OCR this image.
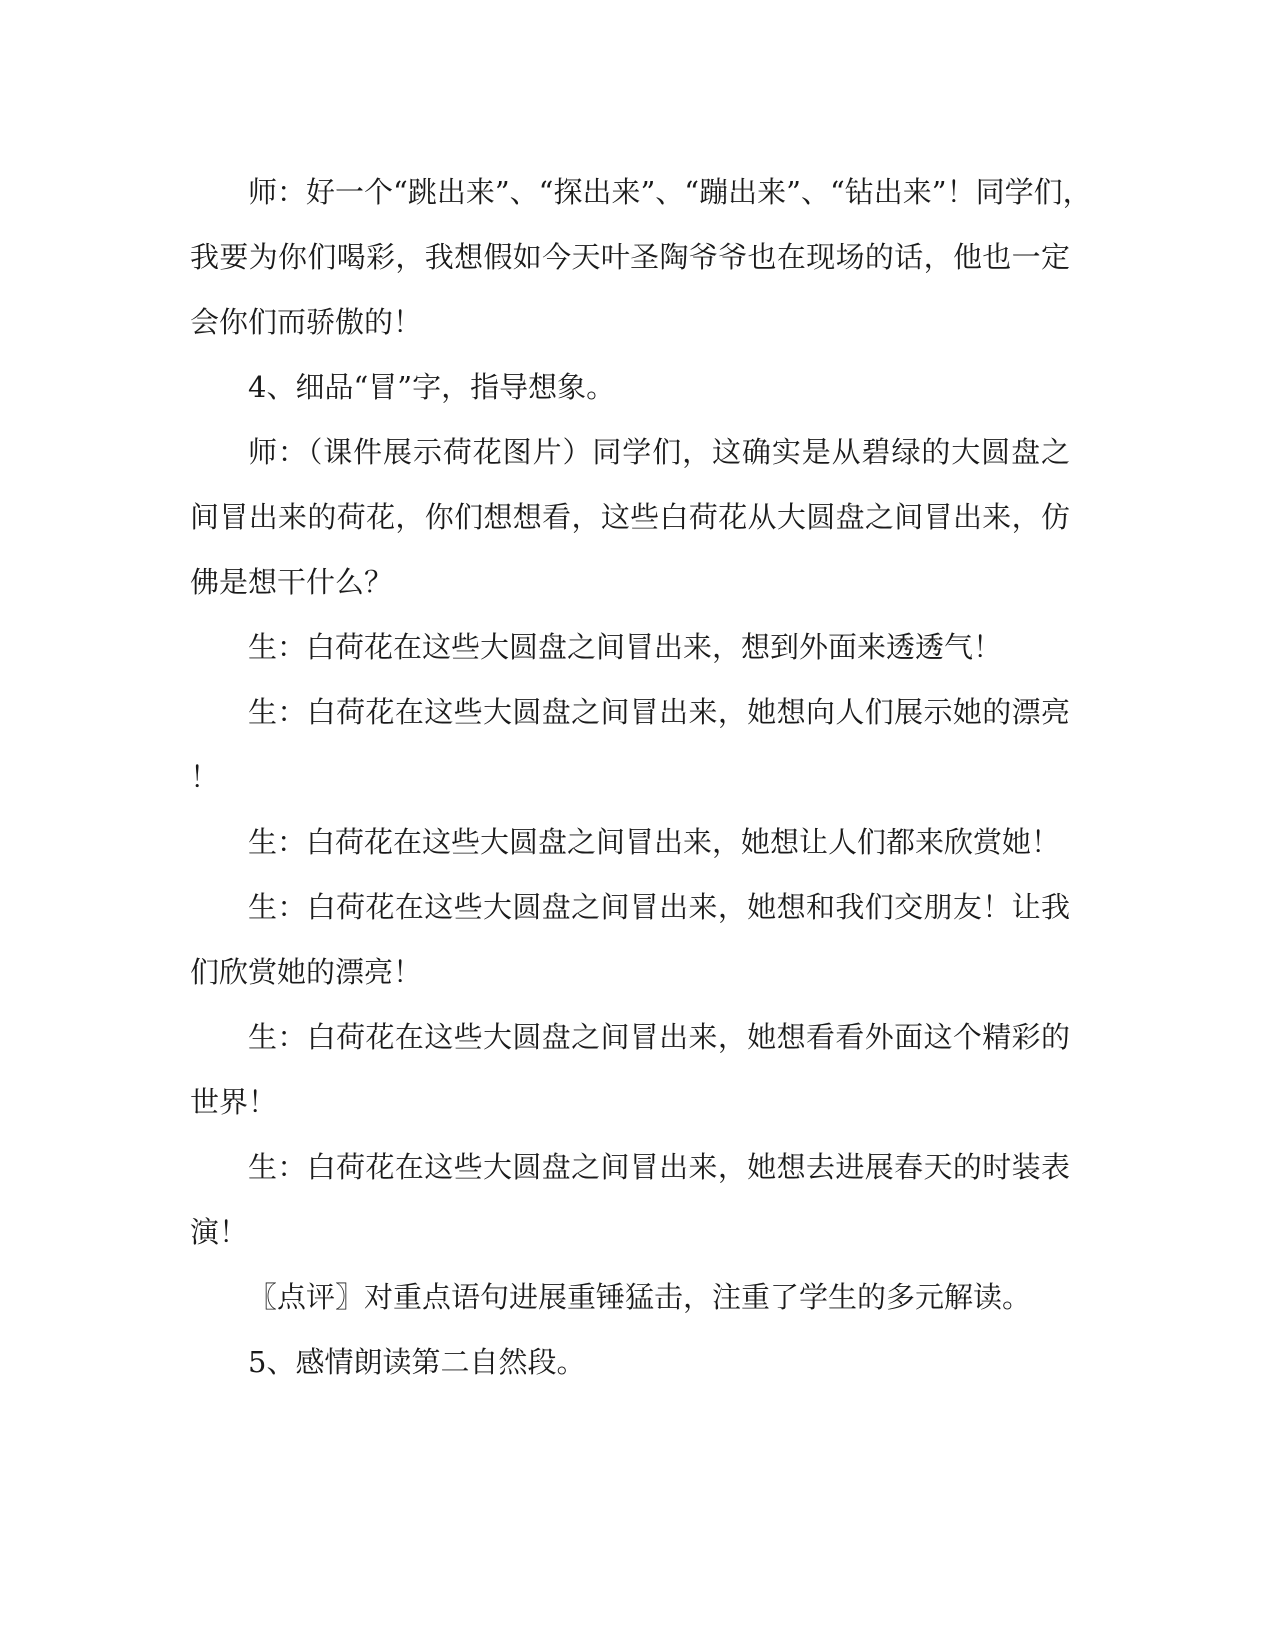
师：好一个“跳出来”、“探出来”、“蹦出来”、“钻出来”！同学们，
我要为你们喝彩，我想假如今天叶圣陶爷爷也在现场的话，他也一定
会你们而骄傲的！
4、细品“冒”字，指导想象。
师：（课件展示荷花图片）同学们，这确实是从碧绿的大圆盘之
间冒出来的荷花，你们想想看，这些白荷花从大圆盘之间冒出来，仿
佛是想干什么？
生：白荷花在这些大圆盘之间冒出来，想到外面来透透气！
生：白荷花在这些大圆盘之间冒出来，她想向人们展示她的漂亮
！
生：白荷花在这些大圆盘之间冒出来，她想让人们都来欣赏她！
生：白荷花在这些大圆盘之间冒出来，她想和我们交朋友！让我
们欣赏她的漂亮！
生：白荷花在这些大圆盘之间冒出来，她想看看外面这个精彩的
世界！
生：白荷花在这些大圆盘之间冒出来，她想去进展春天的时装表
演！
〖点评〗对重点语句进展重锤猛击，注重了学生的多元解读。
5、感情朗读第二自然段。
